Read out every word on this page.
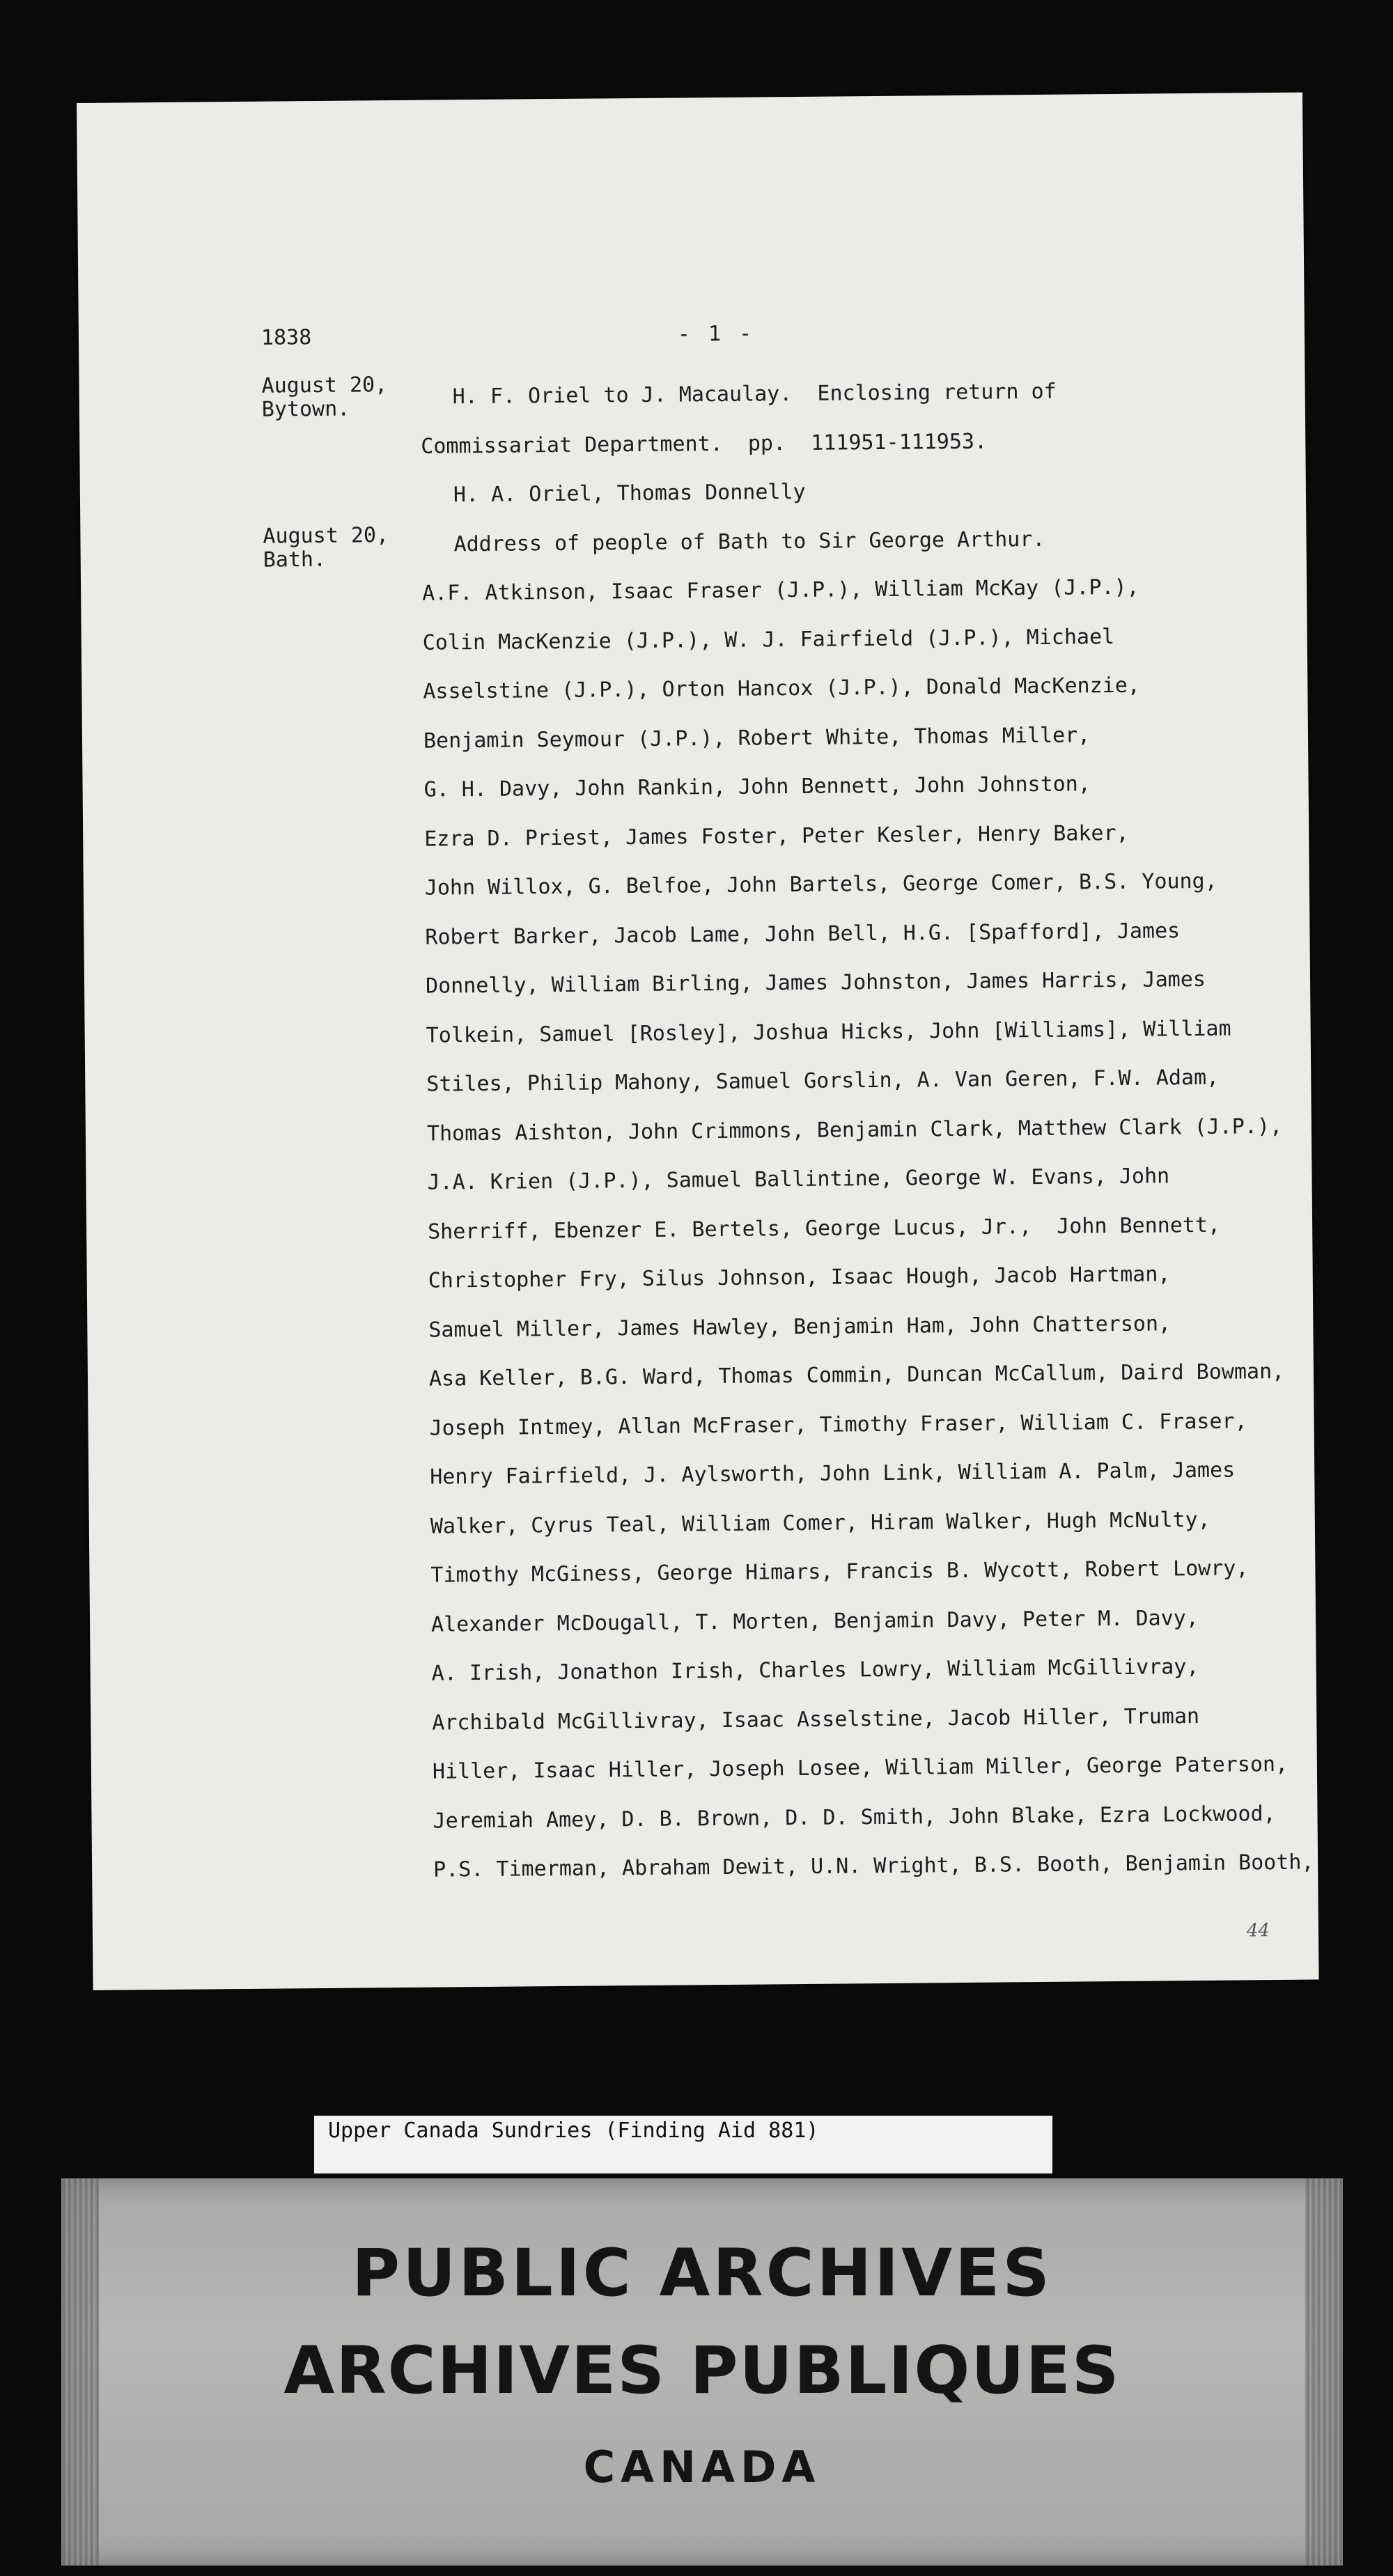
1838	- 1 -
August 20,
Bytown.
August 20,
Bath.
H. F. Oriel to J. Macaulay.  Enclosing return of
Commissariat Department.  pp.  111951-111953.
H. A. Oriel, Thomas Donnelly
Address of people of Bath to Sir George Arthur.
A.F. Atkinson, Isaac Fraser (J.P.), William McKay (J.P.),
Colin MacKenzie (J.P.), W. J. Fairfield (J.P.), Michael
Asselstine (J.P.), Orton Hancox (J.P.), Donald MacKenzie,
Benjamin Seymour (J.P.), Robert White, Thomas Miller,
G. H. Davy, John Rankin, John Bennett, John Johnston,
Ezra D. Priest, James Foster, Peter Kesler, Henry Baker,
John Willox, G. Belfoe, John Bartels, George Comer, B.S. Young,
Robert Barker, Jacob Lame, John Bell, H.G. [Spafford], James
Donnelly, William Birling, James Johnston, James Harris, James
Tolkein, Samuel [Rosley], Joshua Hicks, John [Williams], William
Stiles, Philip Mahony, Samuel Gorslin, A. Van Geren, F.W. Adam,
Thomas Aishton, John Crimmons, Benjamin Clark, Matthew Clark (J.P.),
J.A. Krien (J.P.), Samuel Ballintine, George W. Evans, John
Sherriff, Ebenzer E. Bertels, George Lucus, Jr.,  John Bennett,
Christopher Fry, Silus Johnson, Isaac Hough, Jacob Hartman,
Samuel Miller, James Hawley, Benjamin Ham, John Chatterson,
Asa Keller, B.G. Ward, Thomas Commin, Duncan McCallum, Daird Bowman,
Joseph Intmey, Allan McFraser, Timothy Fraser, William C. Fraser,
Henry Fairfield, J. Aylsworth, John Link, William A. Palm, James
Walker, Cyrus Teal, William Comer, Hiram Walker, Hugh McNulty,
Timothy McGiness, George Himars, Francis B. Wycott, Robert Lowry,
Alexander McDougall, T. Morten, Benjamin Davy, Peter M. Davy,
A. Irish, Jonathon Irish, Charles Lowry, William McGillivray,
Archibald McGillivray, Isaac Asselstine, Jacob Hiller, Truman
Hiller, Isaac Hiller, Joseph Losee, William Miller, George Paterson,
Jeremiah Amey, D. B. Brown, D. D. Smith, John Blake, Ezra Lockwood,
P.S. Timerman, Abraham Dewit, U.N. Wright, B.S. Booth, Benjamin Booth,
44
Upper Canada Sundries (Finding Aid 881)
PUBLIC ARCHIVES
ARCHIVES PUBLIQUES
CANADA
